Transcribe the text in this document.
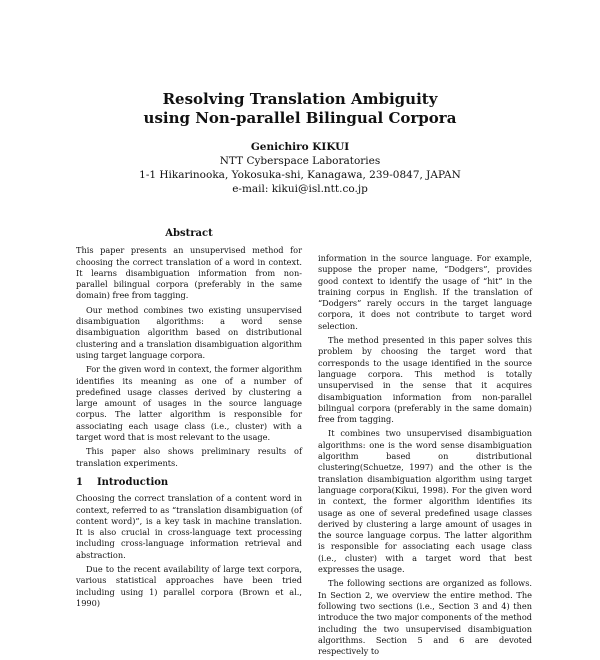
Resolving Translation Ambiguity
using Non-parallel Bilingual Corpora
Genichiro KIKUI
NTT Cyberspace Laboratories
1-1 Hikarinooka, Yokosuka-shi, Kanagawa, 239-0847, JAPAN
e-mail: kikui@isl.ntt.co.jp
Abstract

This paper presents an unsupervised method for choosing the correct translation of a word in context. It learns disambiguation information from non-parallel bilingual corpora (preferably in the same domain) free from tagging.

Our method combines two existing unsupervised disambiguation algorithms: a word sense disambiguation algorithm based on distributional clustering and a translation disambiguation algorithm using target language corpora.

For the given word in context, the former algorithm identifies its meaning as one of a number of predefined usage classes derived by clustering a large amount of usages in the source language corpus. The latter algorithm is responsible for associating each usage class (i.e., cluster) with a target word that is most relevant to the usage.

This paper also shows preliminary results of translation experiments.

1 Introduction

Choosing the correct translation of a content word in context, referred to as “translation disambiguation (of content word)”, is a key task in machine translation. It is also crucial in cross-language text processing including cross-language information retrieval and abstraction.

Due to the recent availability of large text corpora, various statistical approaches have been tried including using 1) parallel corpora (Brown et al., 1990)

information in the source language. For example, suppose the proper name, “Dodgers”, provides good context to identify the usage of “hit” in the training corpus in English. If the translation of “Dodgers” rarely occurs in the target language corpora, it does not contribute to target word selection.

The method presented in this paper solves this problem by choosing the target word that corresponds to the usage identified in the source language corpora. This method is totally unsupervised in the sense that it acquires disambiguation information from non-parallel bilingual corpora (preferably in the same domain) free from tagging.

It combines two unsupervised disambiguation algorithms: one is the word sense disambiguation algorithm based on distributional clustering(Schuetze, 1997) and the other is the translation disambiguation algorithm using target language corpora(Kikui, 1998). For the given word in context, the former algorithm identifies its usage as one of several predefined usage classes derived by clustering a large amount of usages in the source language corpus. The latter algorithm is responsible for associating each usage class (i.e., cluster) with a target word that best expresses the usage.

The following sections are organized as follows. In Section 2, we overview the entire method. The following two sections (i.e., Section 3 and 4) then introduce the two major components of the method including the two unsupervised disambiguation algorithms. Section 5 and 6 are devoted respectively to
